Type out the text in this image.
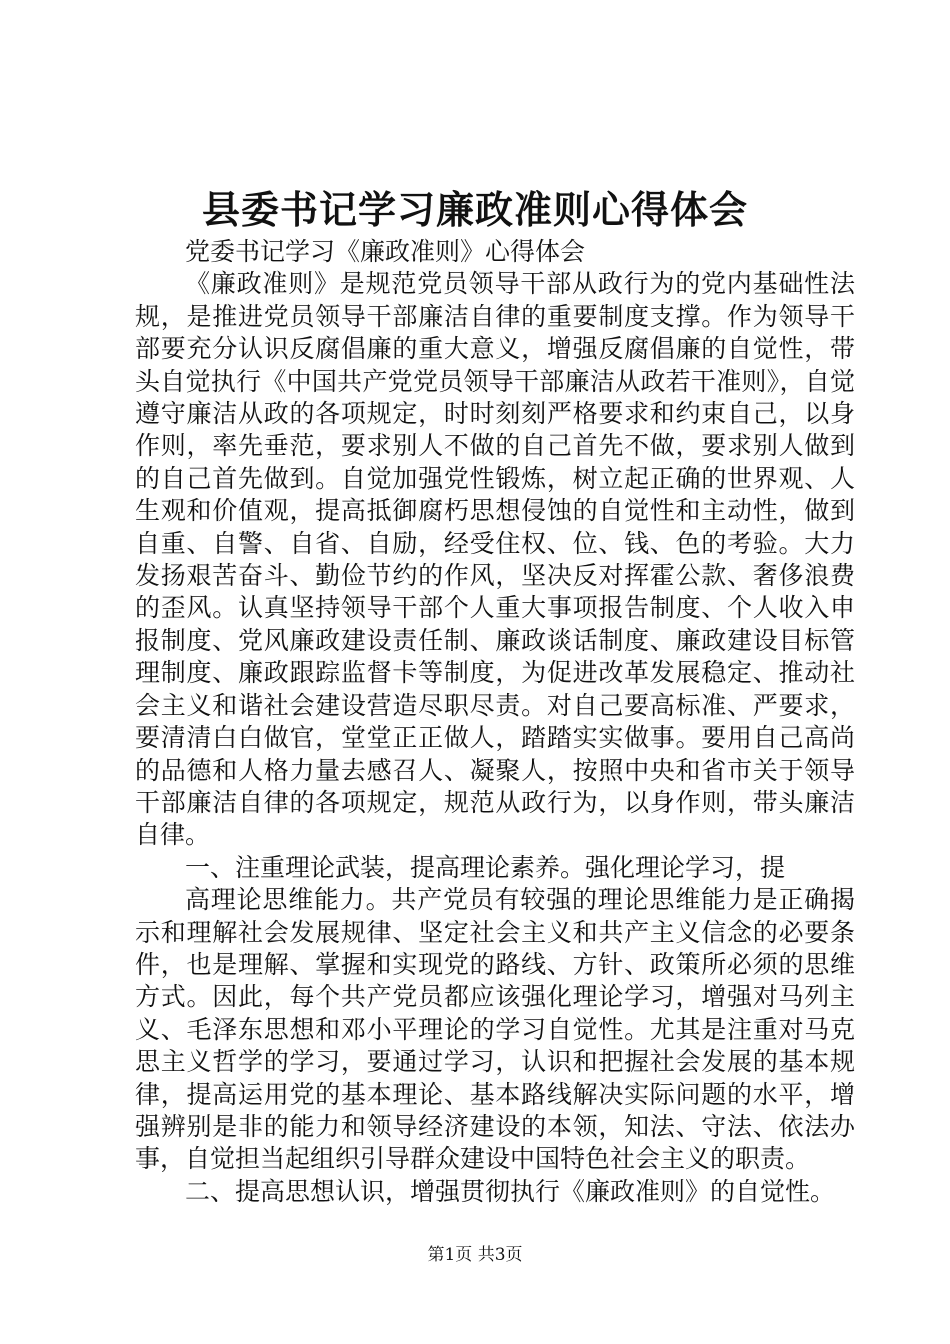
县委书记学习廉政准则心得体会

党委书记学习《廉政准则》心得体会

《廉政准则》是规范党员领导干部从政行为的党内基础性法规，是推进党员领导干部廉洁自律的重要制度支撑。作为领导干部要充分认识反腐倡廉的重大意义，增强反腐倡廉的自觉性，带头自觉执行《中国共产党党员领导干部廉洁从政若干准则》，自觉遵守廉洁从政的各项规定，时时刻刻严格要求和约束自己，以身作则，率先垂范，要求别人不做的自己首先不做，要求别人做到的自己首先做到。自觉加强党性锻炼，树立起正确的世界观、人生观和价值观，提高抵御腐朽思想侵蚀的自觉性和主动性，做到自重、自警、自省、自励，经受住权、位、钱、色的考验。大力发扬艰苦奋斗、勤俭节约的作风，坚决反对挥霍公款、奢侈浪费的歪风。认真坚持领导干部个人重大事项报告制度、个人收入申报制度、党风廉政建设责任制、廉政谈话制度、廉政建设目标管理制度、廉政跟踪监督卡等制度，为促进改革发展稳定、推动社会主义和谐社会建设营造尽职尽责。对自己要高标准、严要求，要清清白白做官，堂堂正正做人，踏踏实实做事。要用自己高尚的品德和人格力量去感召人、凝聚人，按照中央和省市关于领导干部廉洁自律的各项规定，规范从政行为，以身作则，带头廉洁自律。

一、注重理论武装，提高理论素养。强化理论学习，提

高理论思维能力。共产党员有较强的理论思维能力是正确揭示和理解社会发展规律、坚定社会主义和共产主义信念的必要条件，也是理解、掌握和实现党的路线、方针、政策所必须的思维方式。因此，每个共产党员都应该强化理论学习，增强对马列主义、毛泽东思想和邓小平理论的学习自觉性。尤其是注重对马克思主义哲学的学习，要通过学习，认识和把握社会发展的基本规律，提高运用党的基本理论、基本路线解决实际问题的水平，增强辨别是非的能力和领导经济建设的本领，知法、守法、依法办事，自觉担当起组织引导群众建设中国特色社会主义的职责。

二、提高思想认识，增强贯彻执行《廉政准则》的自觉性。

第1页 共3页
